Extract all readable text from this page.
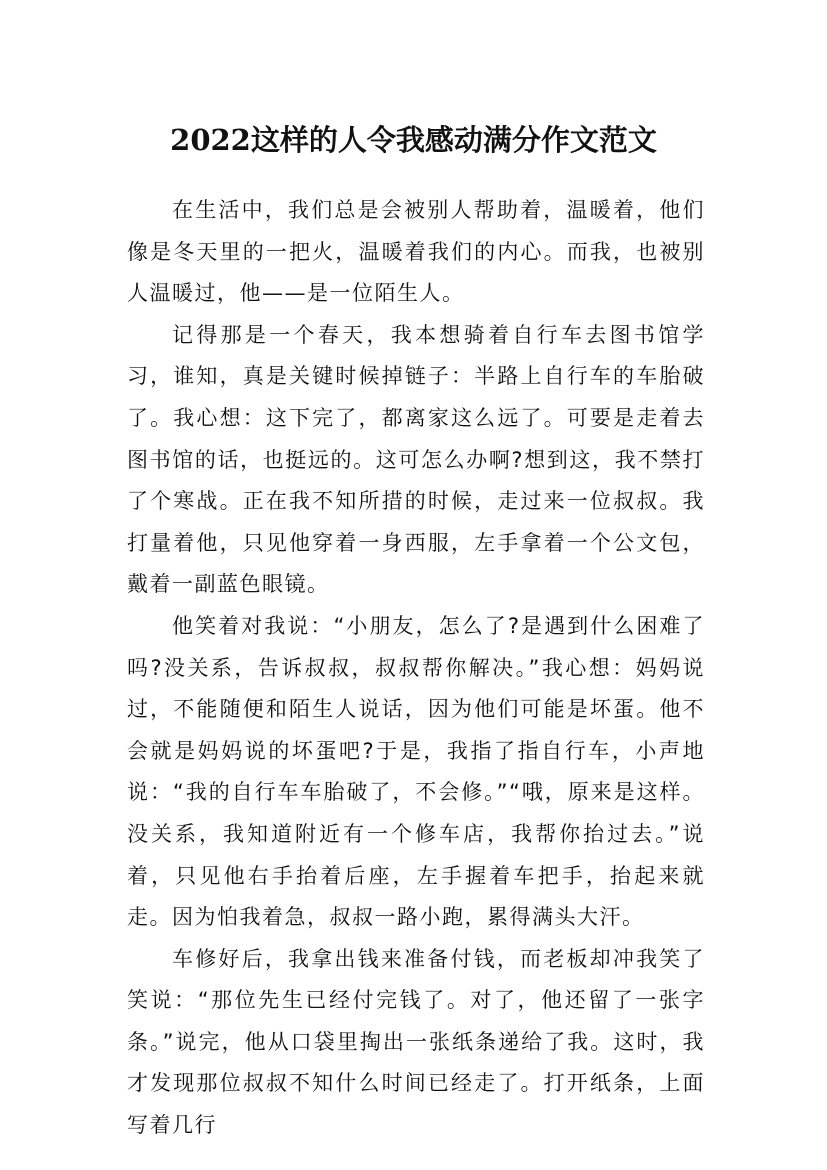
2022这样的人令我感动满分作文范文

在生活中，我们总是会被别人帮助着，温暖着，他们像是冬天里的一把火，温暖着我们的内心。而我，也被别人温暖过，他——是一位陌生人。

记得那是一个春天，我本想骑着自行车去图书馆学习，谁知，真是关键时候掉链子：半路上自行车的车胎破了。我心想：这下完了，都离家这么远了。可要是走着去图书馆的话，也挺远的。这可怎么办啊?想到这，我不禁打了个寒战。正在我不知所措的时候，走过来一位叔叔。我打量着他，只见他穿着一身西服，左手拿着一个公文包，戴着一副蓝色眼镜。

他笑着对我说：“小朋友，怎么了?是遇到什么困难了吗?没关系，告诉叔叔，叔叔帮你解决。”我心想：妈妈说过，不能随便和陌生人说话，因为他们可能是坏蛋。他不会就是妈妈说的坏蛋吧?于是，我指了指自行车，小声地说：“我的自行车车胎破了，不会修。”“哦，原来是这样。没关系，我知道附近有一个修车店，我帮你抬过去。”说着，只见他右手抬着后座，左手握着车把手，抬起来就走。因为怕我着急，叔叔一路小跑，累得满头大汗。

车修好后，我拿出钱来准备付钱，而老板却冲我笑了笑说：“那位先生已经付完钱了。对了，他还留了一张字条。”说完，他从口袋里掏出一张纸条递给了我。这时，我才发现那位叔叔不知什么时间已经走了。打开纸条，上面写着几行
